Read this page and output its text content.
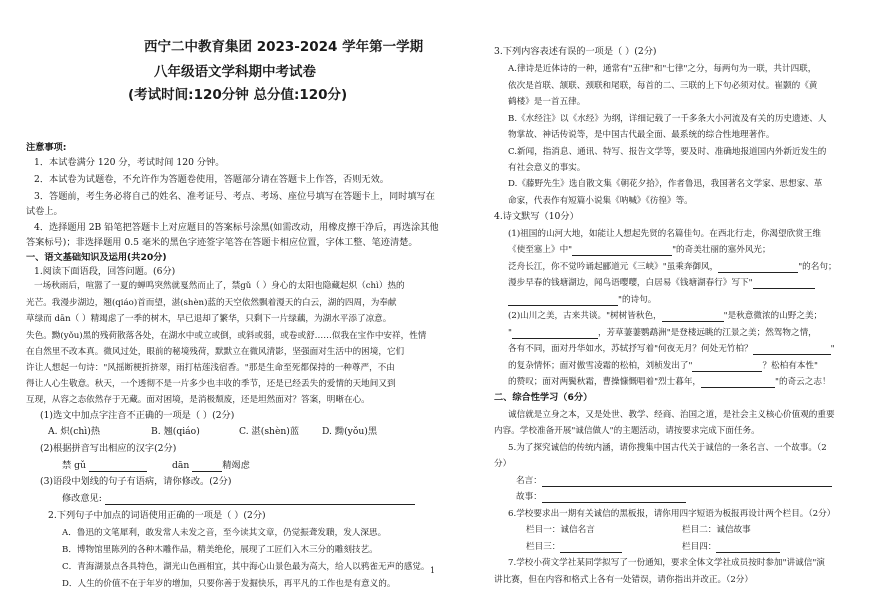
西宁二中教育集团 2023-2024 学年第一学期
八年级语文学科期中考试卷
(考试时间:120分钟 总分值:120分)
注意事项:
1．本试卷满分 120 分，考试时间 120 分钟。
2．本试卷为试题卷，不允许作为答题卷使用，答题部分请在答题卡上作答，否则无效。
3．答题前，考生务必将自己的姓名、准考证号、考点、考场、座位号填写在答题卡上，同时填写在
试卷上。
4．选择题用 2B 铅笔把答题卡上对应题目的答案标号涂黑(如需改动，用橡皮擦干净后，再选涂其他
答案标号)；非选择题用 0.5 毫米的黑色字迹签字笔答在答题卡相应位置，字体工整、笔迹清楚。
一、语文基础知识及运用(共20分)
1.阅读下面语段，回答问题。(6分)
一场秋雨后，喧嚣了一夏的蝉鸣突然就戛然而止了，禁gǔ（ ）身心的太阳也隐藏起炽（chì）热的
光芒。我漫步湖边，翘(qiáo)首而望，湛(shèn)蓝的天空依然飘着漫天的白云，湖的四周，为奉献
草绿而 dān（ ）精竭虑了一季的树木，早已退却了繁华，只剩下一片绿藕，为湖水平添了凉意。
失色。黝(yǒu)黑的残荷散落各处，在湖水中或立或倒，或斜或弱，或卷或舒……似我在宝作中安祥，性情
在自然里不改本真。微风过处，眼前的秘境残荷，默默立在微风清影，坚强面对生活中的困境，它们
许让人想起一句诗："风摇断梗折挤翠，雨打枯莲浅宿香。"那是生命至死都保持的一种尊严，不由
得让人心生敬意。秋天，一个透彻不是一片多少也丰收的季节，还是已经丢失的爱情的天地间又到
互现，从容之态依然存于无藏。面对困境，是消极颓废，还是坦然面对？答案，明晰在心。
(1)选文中加点字注音不正确的一项是（ ）(2分)
A. 炽(chì)热	B. 翘(qiáo)	C. 湛(shèn)蓝 D. 黝(yǒu)黑
(2)根据拼音写出相应的汉字(2分)
禁 gǔ	dān	精竭虑
(3)语段中划线的句子有语病，请你修改。(2分)
修改意见:
2.下列句子中加点的词语使用正确的一项是（ ）(2分)
A．鲁迅的文笔犀利，敢发常人未发之音，至今读其文章，仍觉振聋发聩，发人深思。
B．博物馆里陈列的各种木雕作品，精美绝伦，展现了工匠们入木三分的雕刻技艺。
C．青海湖景点各具特色，湖光山色画相宜，其中海心山景色最为高大，给人以鸦雀无声的感觉。
D．人生的价值不在于年岁的增加，只要你善于发掘快乐，再平凡的工作也是有意义的。
3.下列内容表述有误的一项是（ ）(2分)
A.律诗是近体诗的一种，通常有"五律"和"七律"之分，每两句为一联，共计四联，
依次是首联、颔联、颈联和尾联，每首的二、三联的上下句必须对仗。崔颢的《黄
鹤楼》是一首五律。
B.《水经注》以《水经》为纲，详细记载了一千多条大小河流及有关的历史遗迹、人
物掌故、神话传说等，是中国古代最全面、最系统的综合性地理著作。
C.新闻，指消息、通讯、特写、报告文学等，要及时、准确地报道国内外新近发生的
有社会意义的事实。
D.《藤野先生》选自散文集《朝花夕拾》，作者鲁迅，我国著名文学家、思想家、革
命家，代表作有短篇小说集《呐喊》《彷徨》等。
4.诗文默写（10分）
(1)祖国的山河大地，如能让人想起先贤的名篇佳句。在西北行走，你渴望欣赏王维
《使至塞上》中"	"的奇美壮丽的塞外风光；
泛舟长江，你不觉吟诵起郦道元《三峡》"虽乘奔御风，	"的名句；
漫步早春的钱塘湖边，闻鸟语嘤嘤，白居易《钱塘湖春行》写下"
"的诗句。
(2)山川之美，古来共谈。"树树皆秋色，	"是秋意微浓的山野之美；
"	，芳草萋萋鹦鹉洲"是登楼远眺的江景之美；然驾物之情，
各有不同，面对丹华如水，苏轼抒写着"何夜无月？何处无竹柏？	"
的复杂情怀；面对傲雪凌霜的松柏，刘桢发出了"	？松柏有本性"
的赞叹；面对两鬓秋霜，曹操慷慨唱着"烈士暮年，	"的奇云之志！
二、综合性学习（6分）
诚信就是立身之本，又是处世、教学、经商、治国之道，是社会主义核心价值观的重要
内容。学校准备开展"诚信做人"的主题活动，请按要求完成下面任务。
5.为了探究诚信的传统内涵，请你搜集中国古代关于诚信的一条名言、一个故事。（2
分）
名言：
故事：
6.学校要求出一期有关诚信的黑板报，请你用四字短语为板报再设计两个栏目。（2分）
栏目一：诚信名言	栏目二：诚信故事
栏目三：	栏目四：
7.学校小荷文学社某同学拟写了一份通知，要求全体文学社成员按时参加"讲诚信"演
讲比赛，但在内容和格式上各有一处错误，请你指出并改正。（2分）
1
